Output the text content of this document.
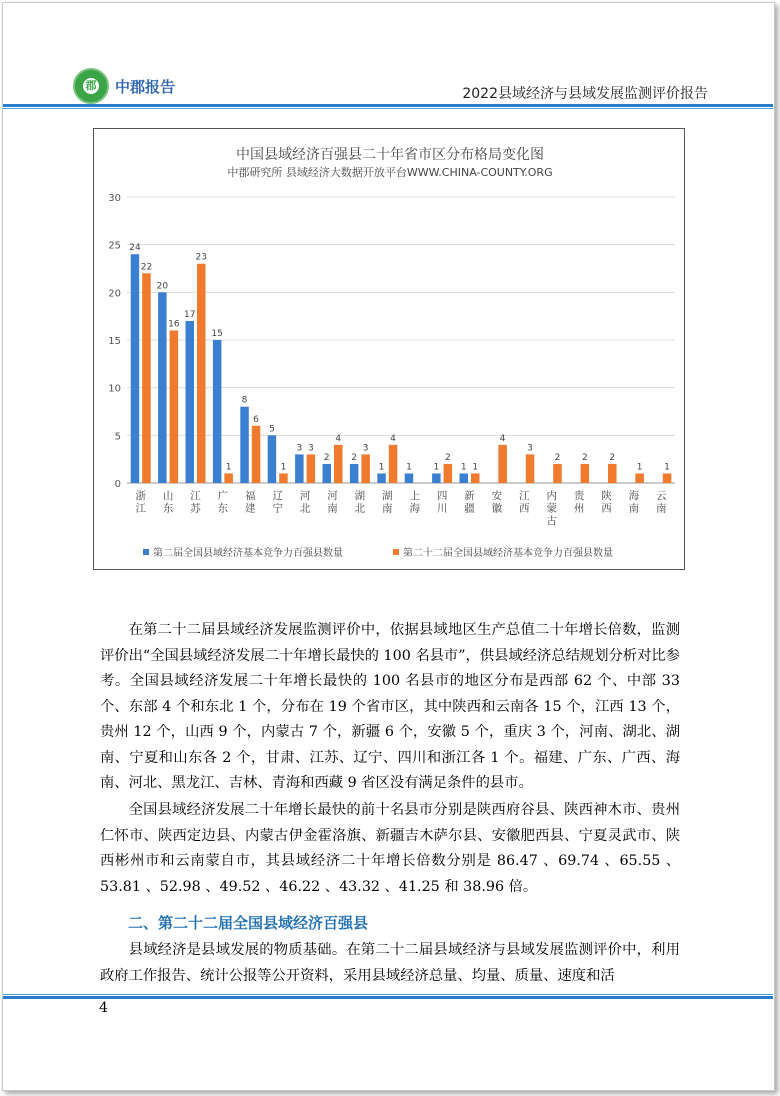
郡 中郡报告	2022县域经济与县域发展监测评价报告
中国县域经济百强县二十年省市区分布格局变化图
中郡研究所 县域经济大数据开放平台WWW.CHINA-COUNTY.ORG
0
5
10
15
20
25
30
24
20
17
15
8
5
3
2 2
1 1 1 1
22
16
23
1
6
1
3
4
3
4
2
1
4
3
2 2 2
1 1
浙江
山东
江苏
广东
福建
辽宁
河北
河南
湖北
湖南
上海
四川
新疆
安徽
江西
内蒙古
贵州
陕西
海南
云南
第二届全国县域经济基本竞争力百强县数量	第二十二届全国县域经济基本竞争力百强县数量

在第二十二届县域经济发展监测评价中，依据县域地区生产总值二十年增长倍数，监测评价出“全国县域经济发展二十年增长最快的 100 名县市”，供县域经济总结规划分析对比参考。全国县域经济发展二十年增长最快的 100 名县市的地区分布是西部 62 个、中部 33 个、东部 4 个和东北 1 个，分布在 19 个省市区，其中陕西和云南各 15 个，江西 13 个，贵州 12 个，山西 9 个，内蒙古 7 个，新疆 6 个，安徽 5 个，重庆 3 个，河南、湖北、湖南、宁夏和山东各 2 个，甘肃、江苏、辽宁、四川和浙江各 1 个。福建、广东、广西、海南、河北、黑龙江、吉林、青海和西藏 9 省区没有满足条件的县市。

全国县域经济发展二十年增长最快的前十名县市分别是陕西府谷县、陕西神木市、贵州仁怀市、陕西定边县、内蒙古伊金霍洛旗、新疆吉木萨尔县、安徽肥西县、宁夏灵武市、陕西彬州市和云南蒙自市，其县域经济二十年增长倍数分别是 86.47 、69.74 、65.55 、53.81 、52.98 、49.52 、46.22 、43.32 、41.25 和 38.96 倍。

二、第二十二届全国县域经济百强县

县域经济是县域发展的物质基础。在第二十二届县域经济与县域发展监测评价中，利用政府工作报告、统计公报等公开资料，采用县域经济总量、均量、质量、速度和活

4
